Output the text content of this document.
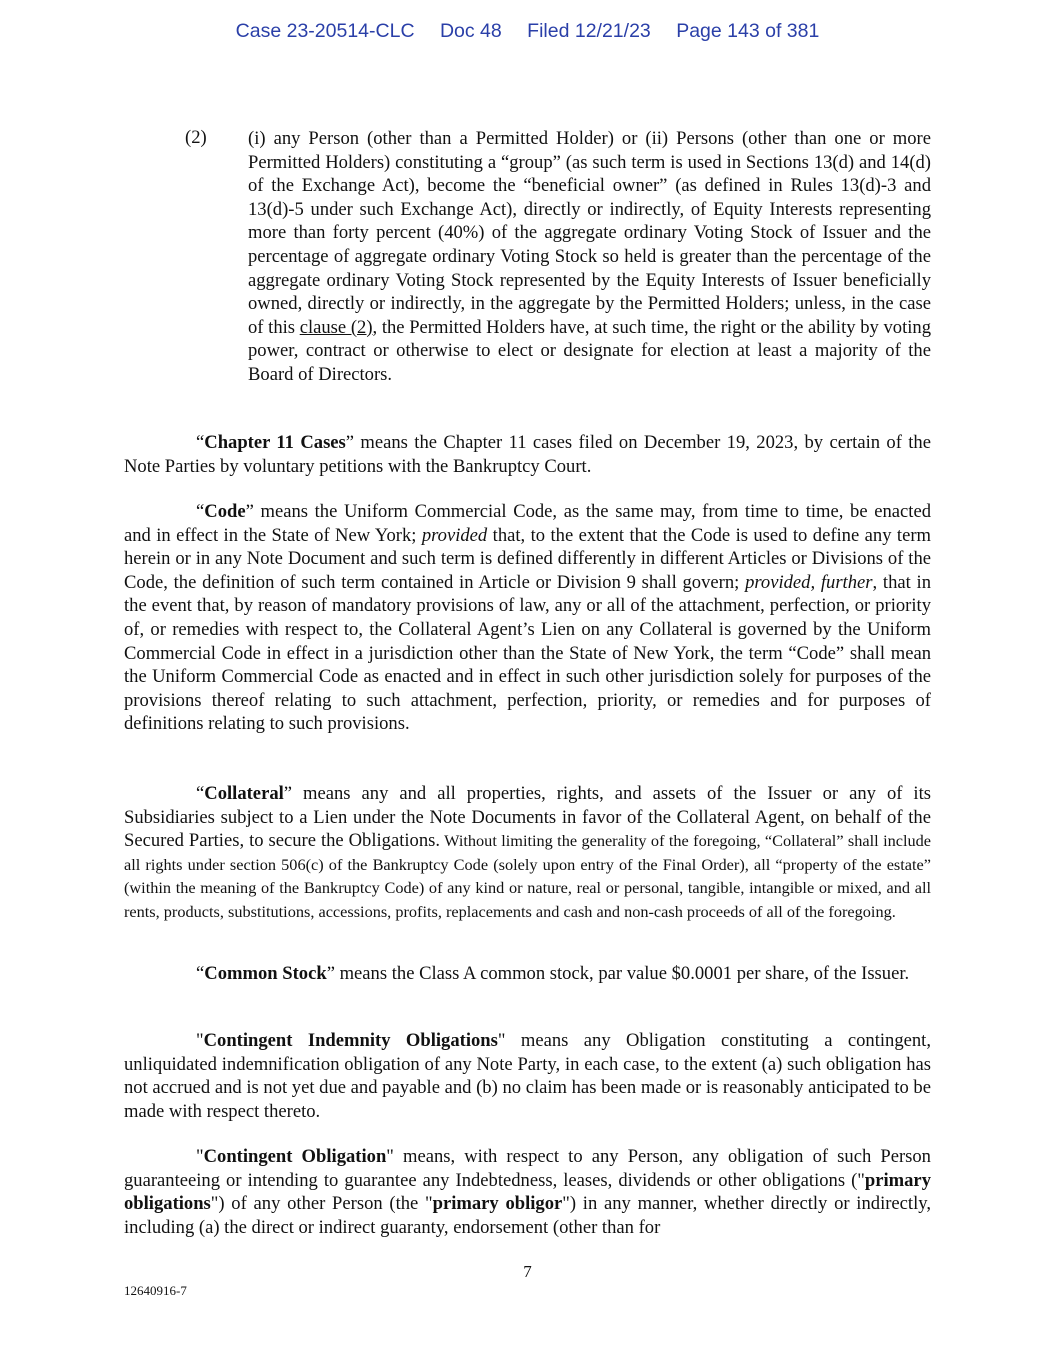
Case 23-20514-CLC Doc 48 Filed 12/21/23 Page 143 of 381
(2) (i) any Person (other than a Permitted Holder) or (ii) Persons (other than one or more Permitted Holders) constituting a “group” (as such term is used in Sections 13(d) and 14(d) of the Exchange Act), become the “beneficial owner” (as defined in Rules 13(d)-3 and 13(d)-5 under such Exchange Act), directly or indirectly, of Equity Interests representing more than forty percent (40%) of the aggregate ordinary Voting Stock of Issuer and the percentage of aggregate ordinary Voting Stock so held is greater than the percentage of the aggregate ordinary Voting Stock represented by the Equity Interests of Issuer beneficially owned, directly or indirectly, in the aggregate by the Permitted Holders; unless, in the case of this clause (2), the Permitted Holders have, at such time, the right or the ability by voting power, contract or otherwise to elect or designate for election at least a majority of the Board of Directors.

“Chapter 11 Cases” means the Chapter 11 cases filed on December 19, 2023, by certain of the Note Parties by voluntary petitions with the Bankruptcy Court.

“Code” means the Uniform Commercial Code, as the same may, from time to time, be enacted and in effect in the State of New York; provided that, to the extent that the Code is used to define any term herein or in any Note Document and such term is defined differently in different Articles or Divisions of the Code, the definition of such term contained in Article or Division 9 shall govern; provided, further, that in the event that, by reason of mandatory provisions of law, any or all of the attachment, perfection, or priority of, or remedies with respect to, the Collateral Agent’s Lien on any Collateral is governed by the Uniform Commercial Code in effect in a jurisdiction other than the State of New York, the term “Code” shall mean the Uniform Commercial Code as enacted and in effect in such other jurisdiction solely for purposes of the provisions thereof relating to such attachment, perfection, priority, or remedies and for purposes of definitions relating to such provisions.

“Collateral” means any and all properties, rights, and assets of the Issuer or any of its Subsidiaries subject to a Lien under the Note Documents in favor of the Collateral Agent, on behalf of the Secured Parties, to secure the Obligations. Without limiting the generality of the foregoing, “Collateral” shall include all rights under section 506(c) of the Bankruptcy Code (solely upon entry of the Final Order), all “property of the estate” (within the meaning of the Bankruptcy Code) of any kind or nature, real or personal, tangible, intangible or mixed, and all rents, products, substitutions, accessions, profits, replacements and cash and non-cash proceeds of all of the foregoing.

“Common Stock” means the Class A common stock, par value $0.0001 per share, of the Issuer.

"Contingent Indemnity Obligations" means any Obligation constituting a contingent, unliquidated indemnification obligation of any Note Party, in each case, to the extent (a) such obligation has not accrued and is not yet due and payable and (b) no claim has been made or is reasonably anticipated to be made with respect thereto.

"Contingent Obligation" means, with respect to any Person, any obligation of such Person guaranteeing or intending to guarantee any Indebtedness, leases, dividends or other obligations ("primary obligations") of any other Person (the "primary obligor") in any manner, whether directly or indirectly, including (a) the direct or indirect guaranty, endorsement (other than for

7
12640916-7
